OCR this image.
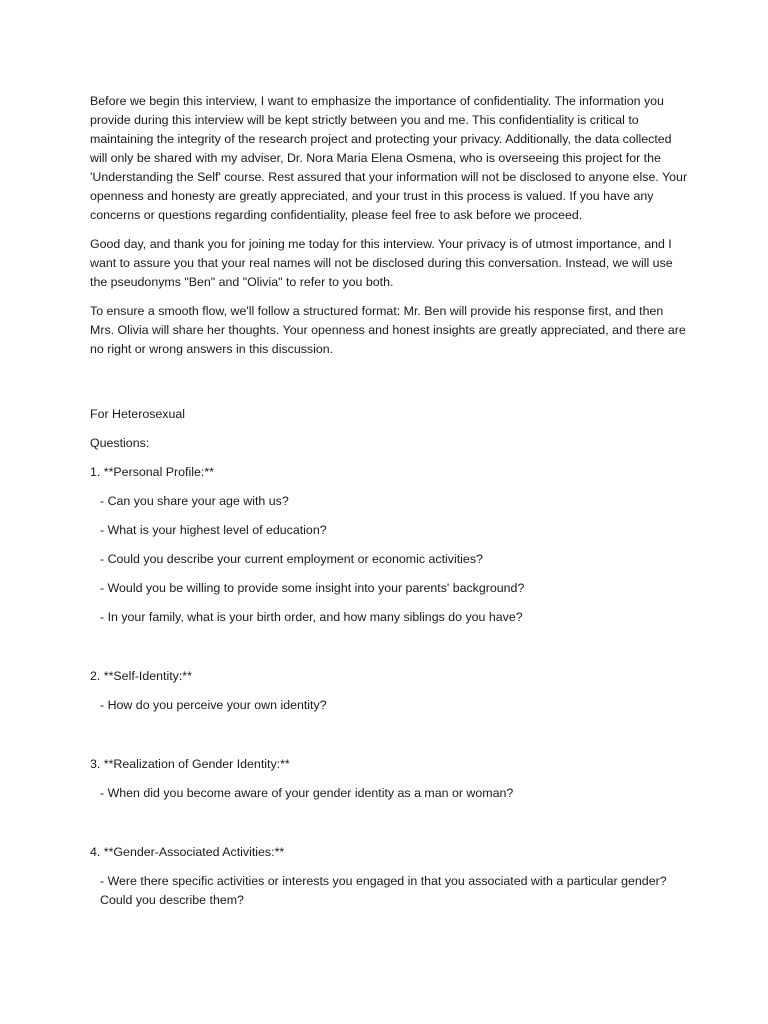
Before we begin this interview, I want to emphasize the importance of confidentiality. The information you provide during this interview will be kept strictly between you and me. This confidentiality is critical to maintaining the integrity of the research project and protecting your privacy. Additionally, the data collected will only be shared with my adviser, Dr. Nora Maria Elena Osmena, who is overseeing this project for the 'Understanding the Self' course. Rest assured that your information will not be disclosed to anyone else. Your openness and honesty are greatly appreciated, and your trust in this process is valued. If you have any concerns or questions regarding confidentiality, please feel free to ask before we proceed.

Good day, and thank you for joining me today for this interview. Your privacy is of utmost importance, and I want to assure you that your real names will not be disclosed during this conversation. Instead, we will use the pseudonyms "Ben" and "Olivia" to refer to you both.

To ensure a smooth flow, we'll follow a structured format: Mr. Ben will provide his response first, and then Mrs. Olivia will share her thoughts. Your openness and honest insights are greatly appreciated, and there are no right or wrong answers in this discussion.

For Heterosexual

Questions:

1. **Personal Profile:**

- Can you share your age with us?

- What is your highest level of education?

- Could you describe your current employment or economic activities?

- Would you be willing to provide some insight into your parents' background?

- In your family, what is your birth order, and how many siblings do you have?

2. **Self-Identity:**

- How do you perceive your own identity?

3. **Realization of Gender Identity:**

- When did you become aware of your gender identity as a man or woman?

4. **Gender-Associated Activities:**

- Were there specific activities or interests you engaged in that you associated with a particular gender? Could you describe them?
